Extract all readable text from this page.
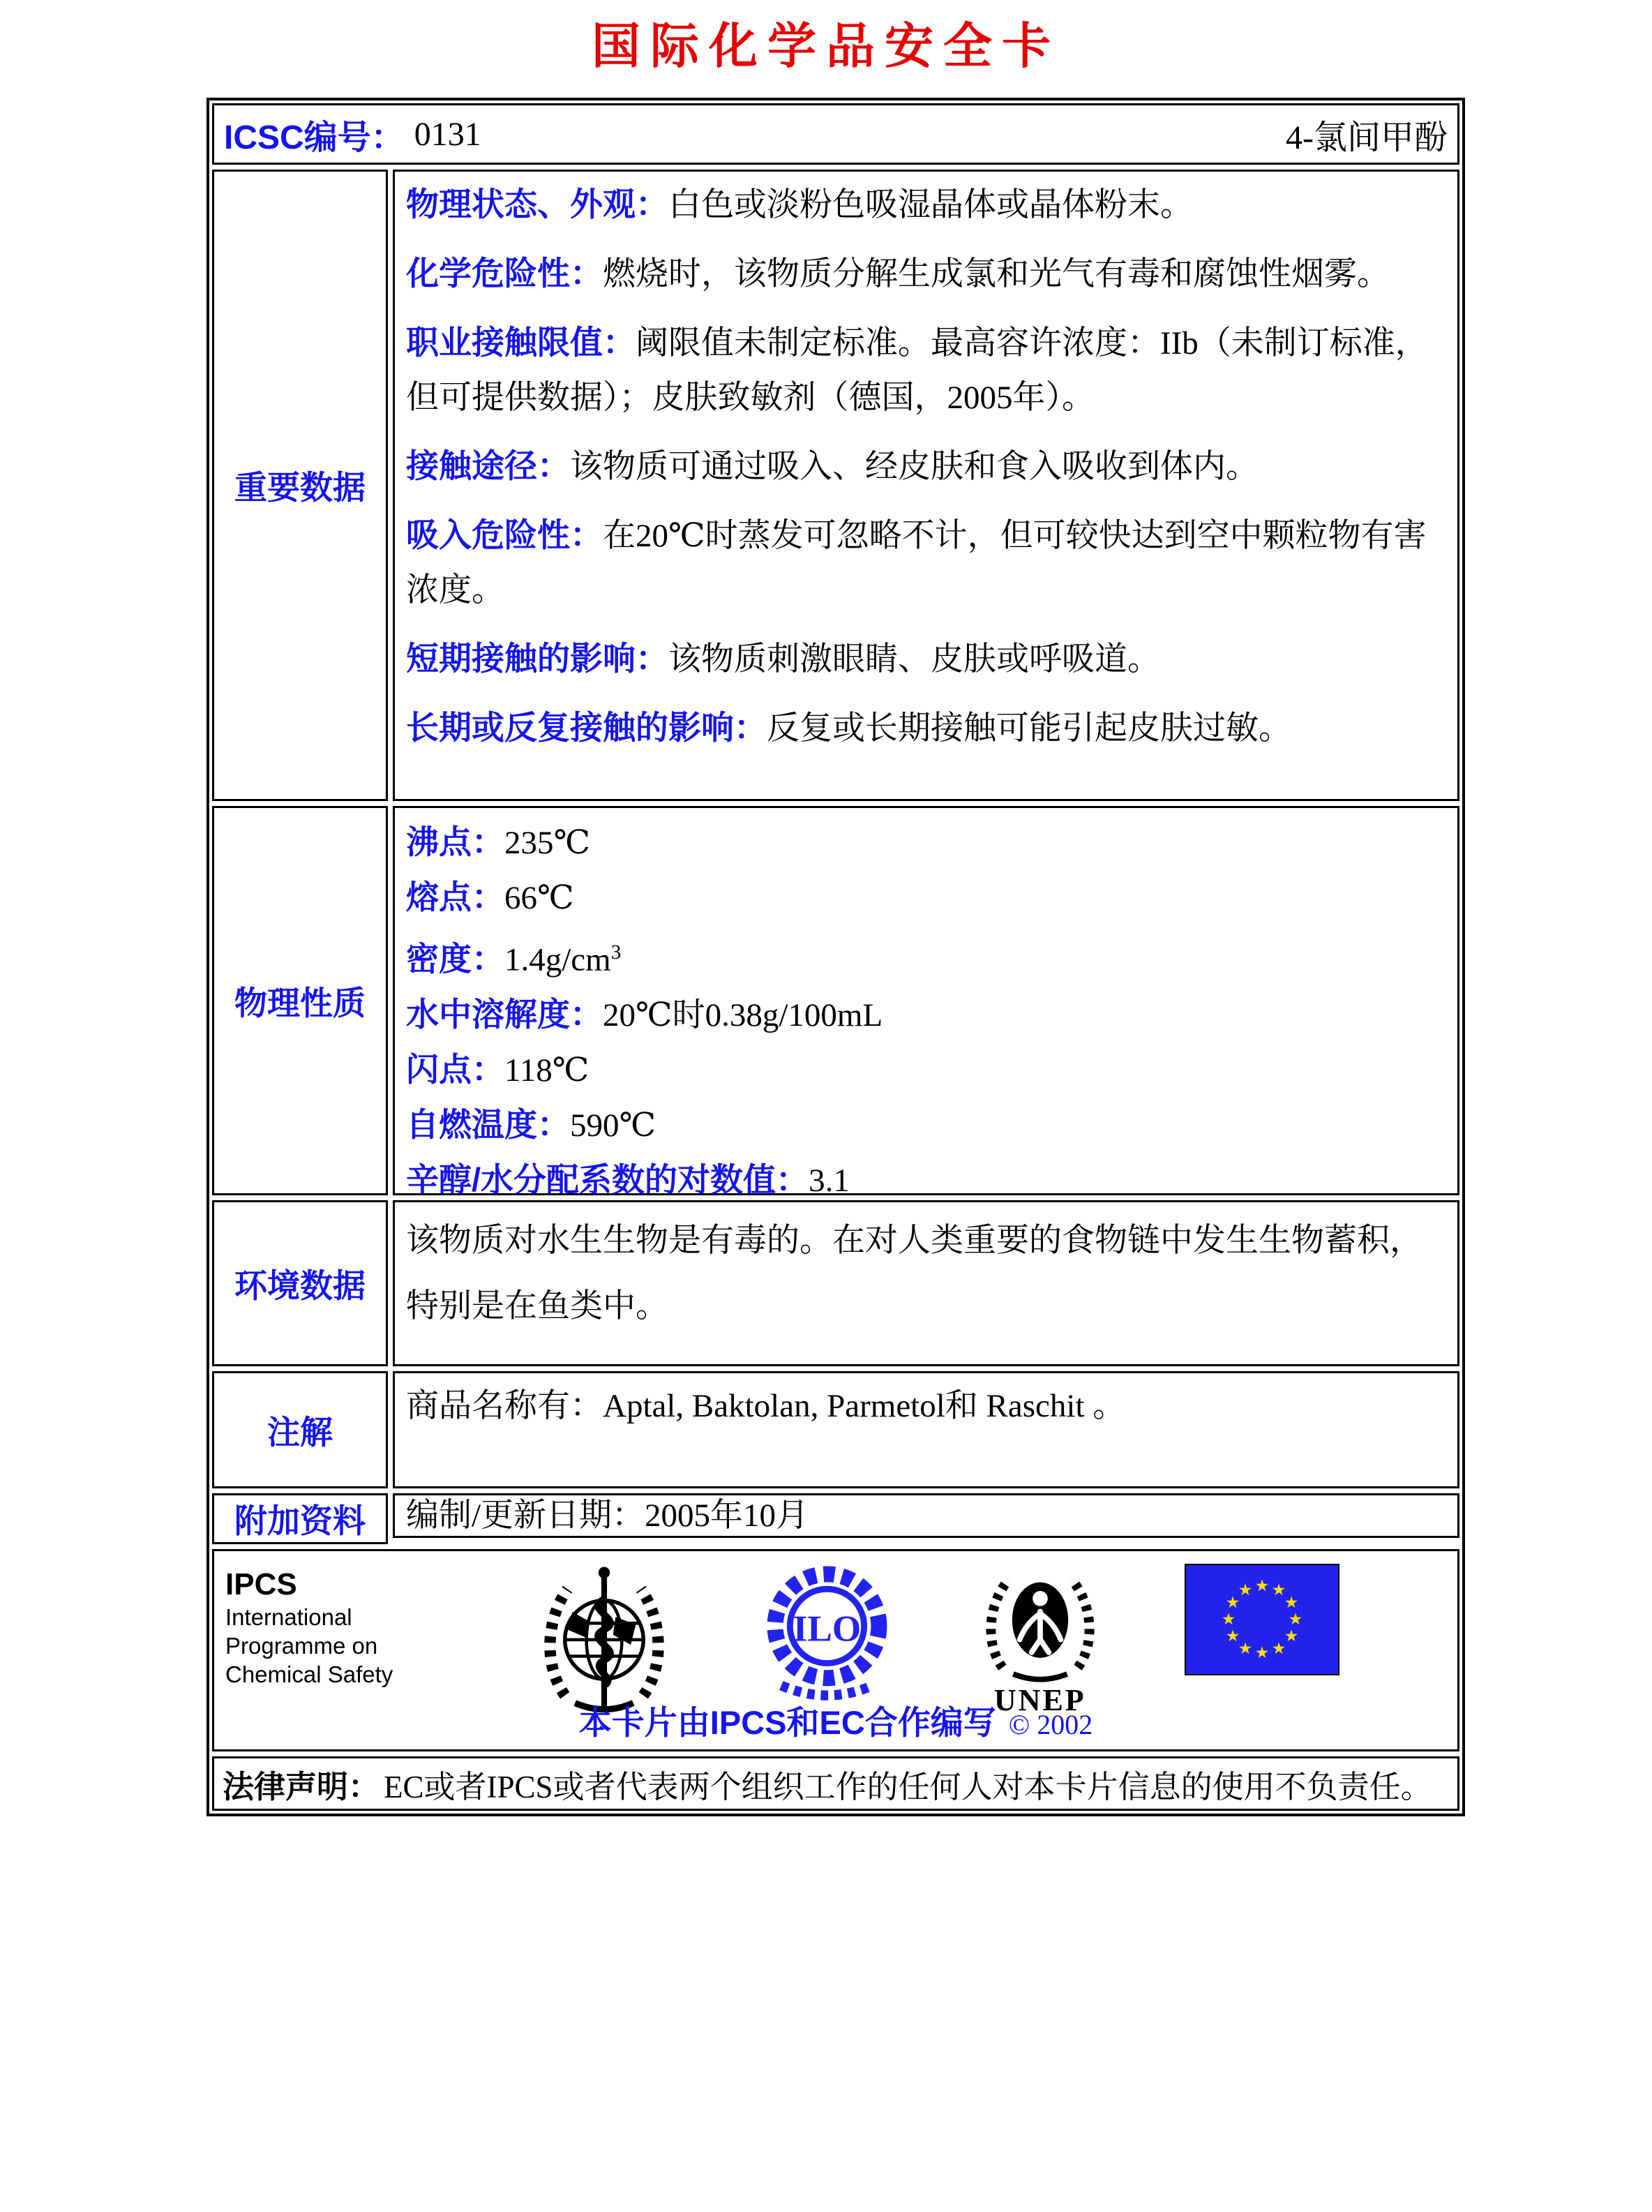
国际化学品安全卡
ICSC编号： 0131	4-氯间甲酚
重要数据
物理状态、外观：白色或淡粉色吸湿晶体或晶体粉末。
化学危险性：燃烧时，该物质分解生成氯和光气有毒和腐蚀性烟雾。
职业接触限值：阈限值未制定标准。最高容许浓度：IIb（未制订标准，但可提供数据）；皮肤致敏剂（德国，2005年）。
接触途径：该物质可通过吸入、经皮肤和食入吸收到体内。
吸入危险性：在20℃时蒸发可忽略不计，但可较快达到空中颗粒物有害浓度。
短期接触的影响：该物质刺激眼睛、皮肤或呼吸道。
长期或反复接触的影响：反复或长期接触可能引起皮肤过敏。
物理性质
沸点：235℃
熔点：66℃
密度：$1.4g/cm^3$
水中溶解度：20℃时0.38g/100mL
闪点：118℃
自燃温度：590℃
辛醇/水分配系数的对数值：3.1
环境数据
该物质对水生生物是有毒的。在对人类重要的食物链中发生生物蓄积，特别是在鱼类中。
注解
商品名称有：Aptal, Baktolan, Parmetol和 Raschit 。
附加资料 编制/更新日期：2005年10月
IPCS
International Programme on Chemical Safety
ILO
UNEP
★ ★
★
★
★
★
★
★
★
★
★
★
本卡片由IPCS和EC合作编写 © 2002
法律声明： EC或者IPCS或者代表两个组织工作的任何人对本卡片信息的使用不负责任。
